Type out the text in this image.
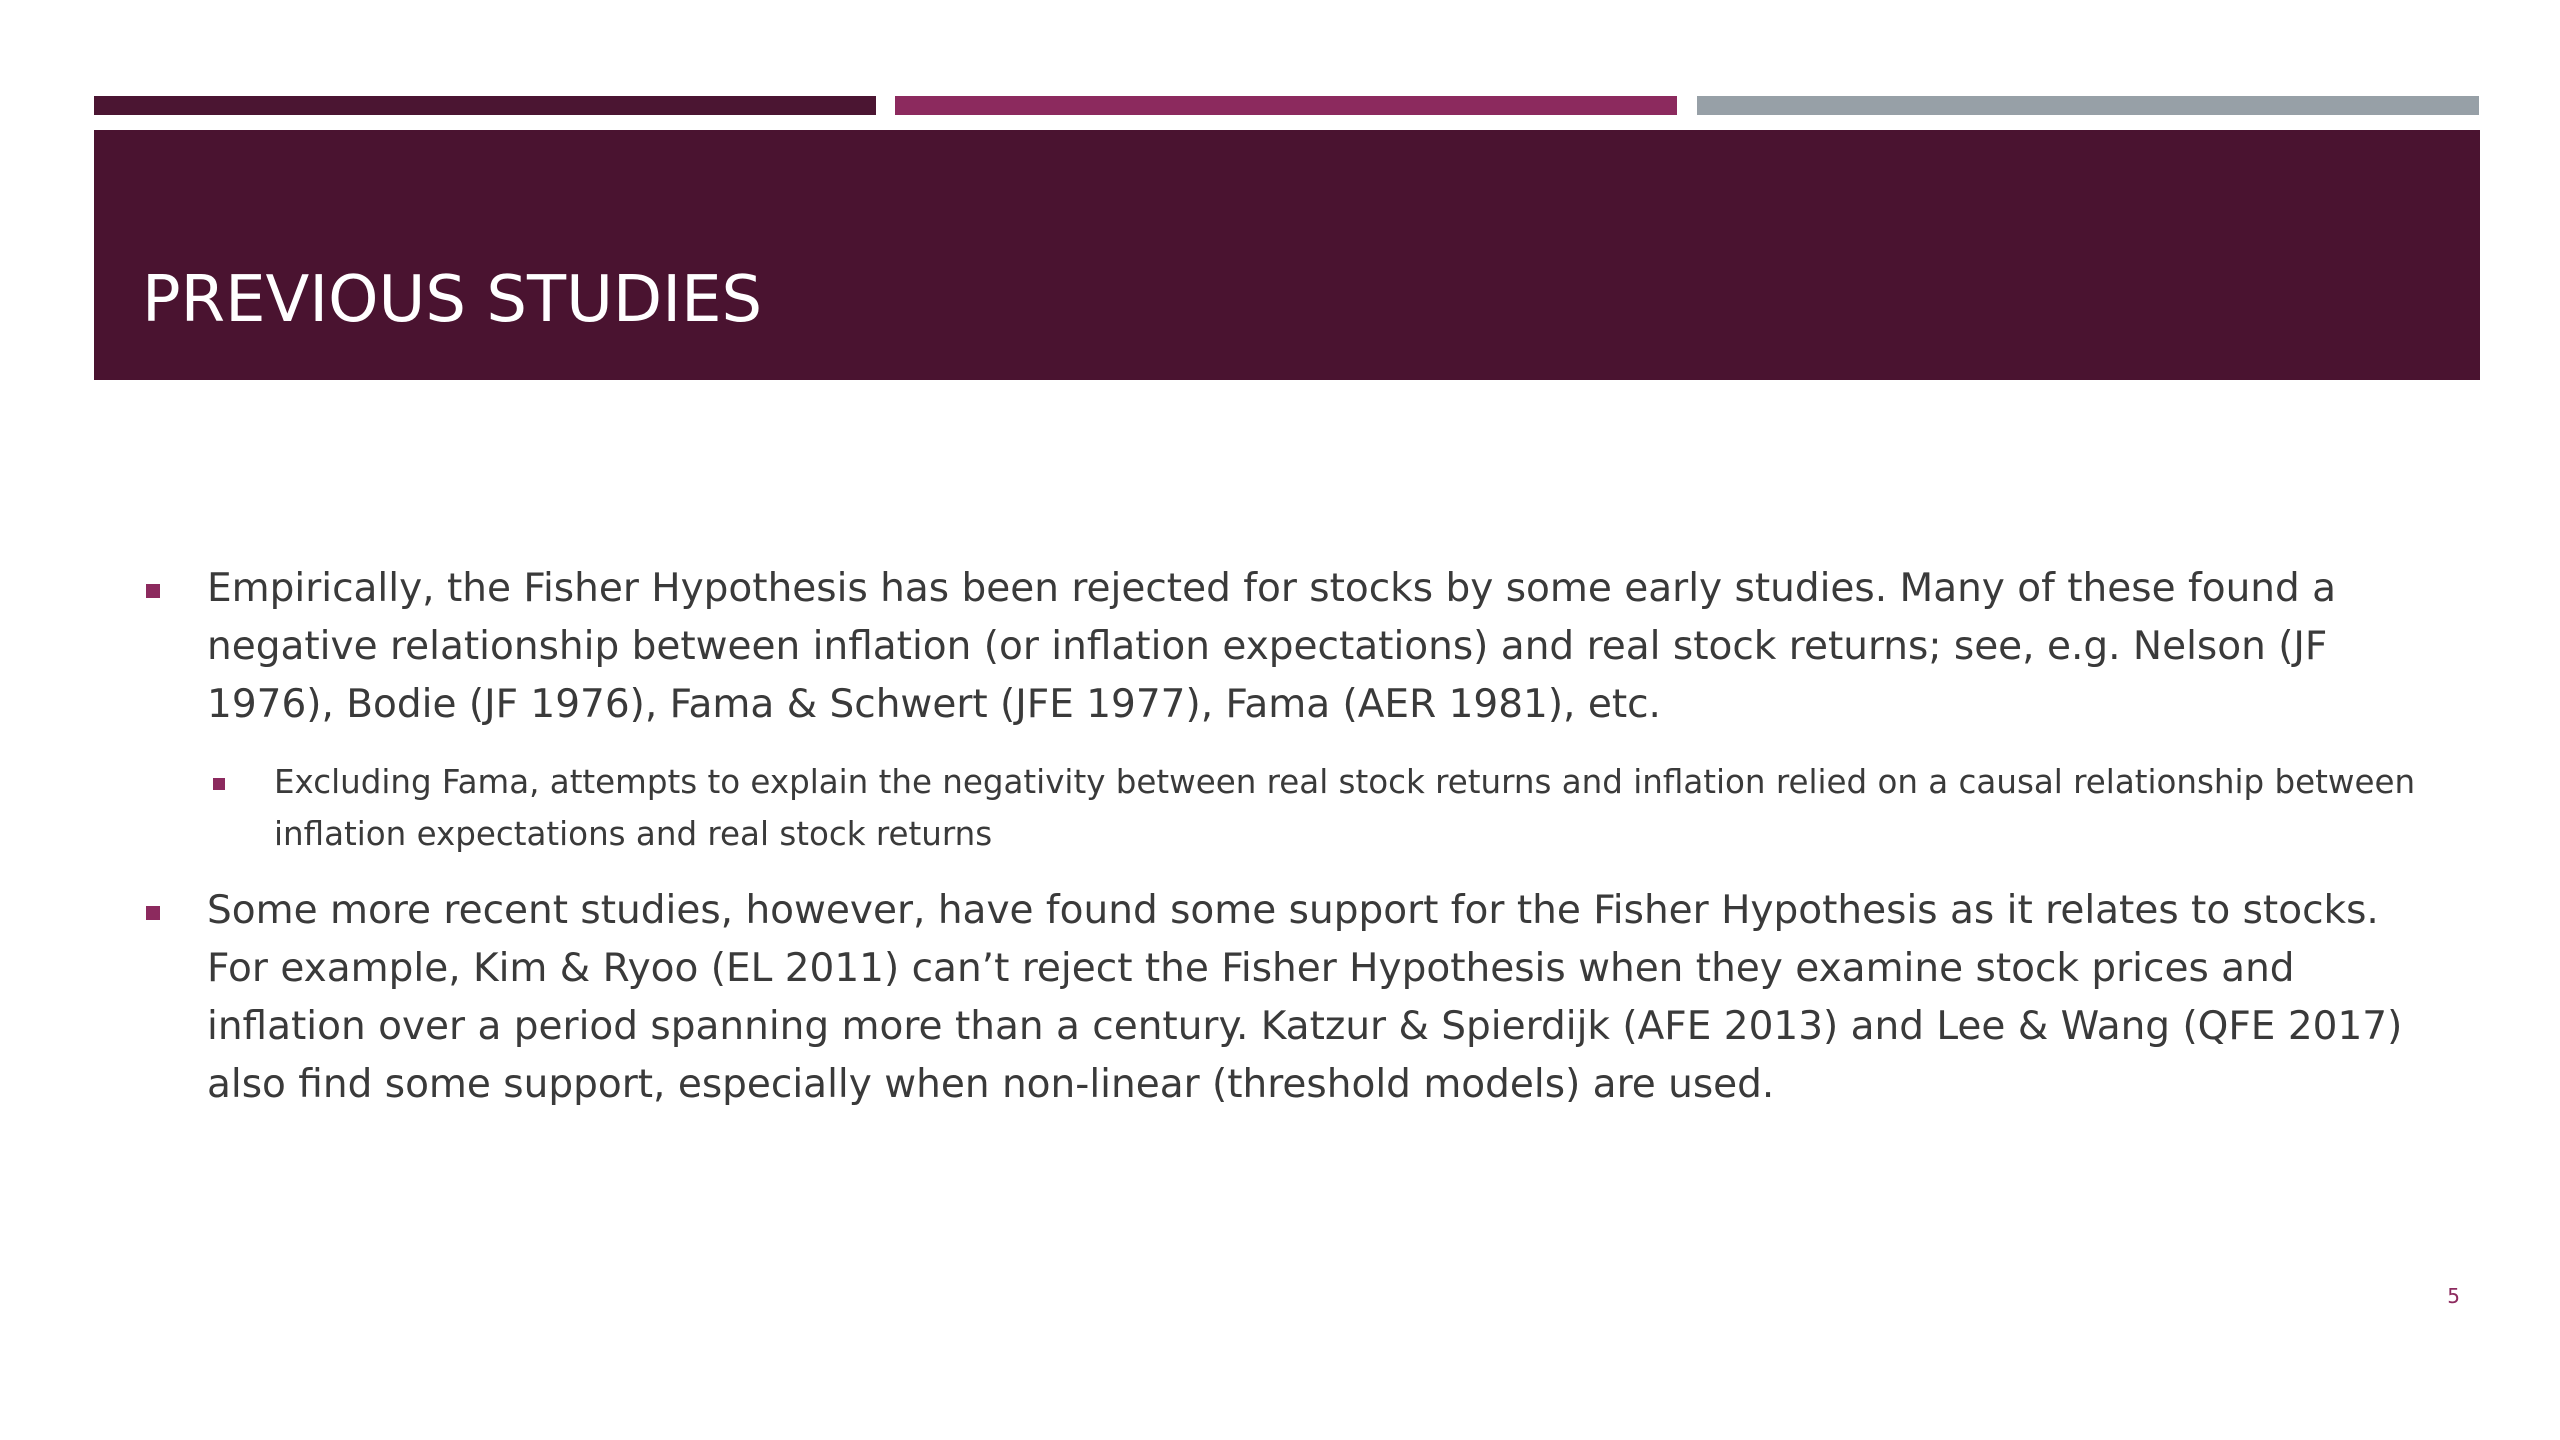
PREVIOUS STUDIES

Empirically, the Fisher Hypothesis has been rejected for stocks by some early studies. Many of these found a negative relationship between inflation (or inflation expectations) and real stock returns; see, e.g. Nelson (JF 1976), Bodie (JF 1976), Fama & Schwert (JFE 1977), Fama (AER 1981), etc.

Excluding Fama, attempts to explain the negativity between real stock returns and inflation relied on a causal relationship between inflation expectations and real stock returns

Some more recent studies, however, have found some support for the Fisher Hypothesis as it relates to stocks. For example, Kim & Ryoo (EL 2011) can’t reject the Fisher Hypothesis when they examine stock prices and inflation over a period spanning more than a century. Katzur & Spierdijk (AFE 2013) and Lee & Wang (QFE 2017) also find some support, especially when non-linear (threshold models) are used.

5
